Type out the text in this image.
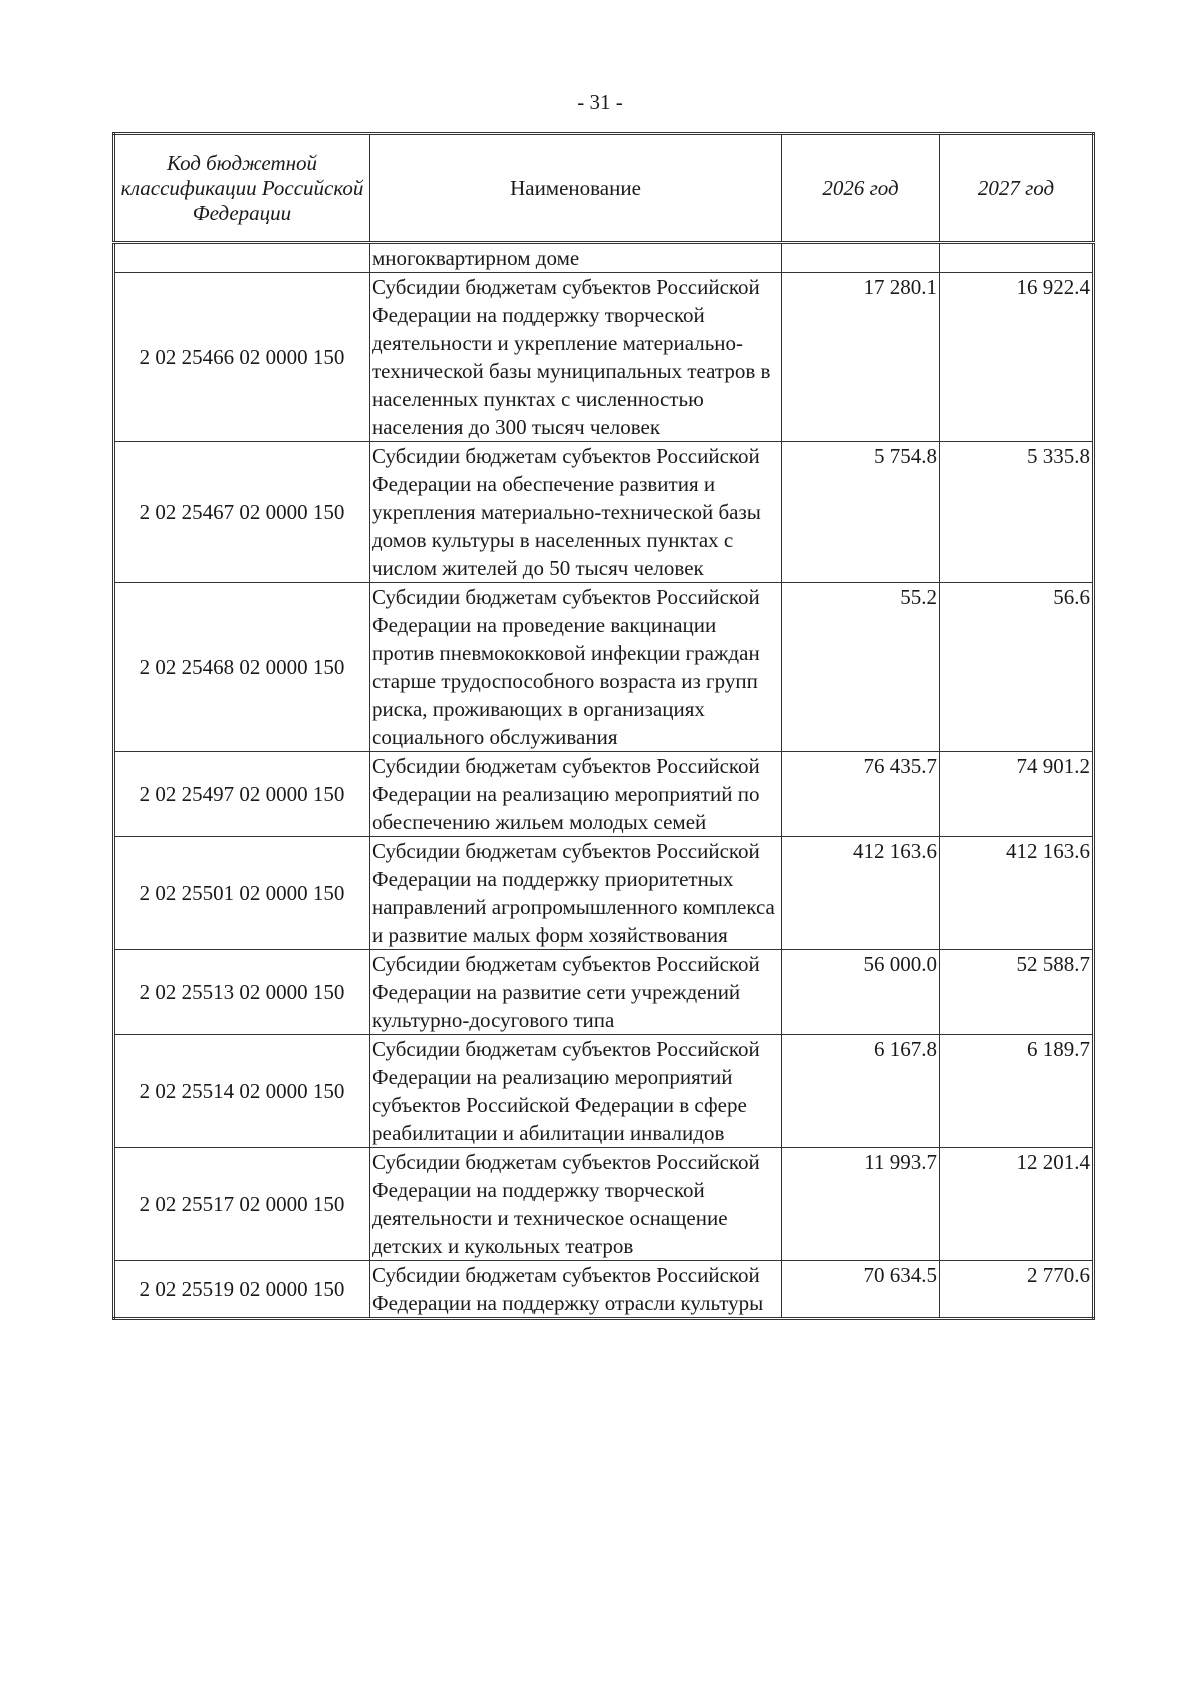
- 31 -
Код бюджетной классификации Российской Федерации	Наименование	2026 год	2027 год
	многоквартирном доме		
2 02 25466 02 0000 150	Субсидии бюджетам субъектов Российской Федерации на поддержку творческой деятельности и укрепление материально-технической базы муниципальных театров в населенных пунктах с численностью населения до 300 тысяч человек	17 280.1	16 922.4
2 02 25467 02 0000 150	Субсидии бюджетам субъектов Российской Федерации на обеспечение развития и укрепления материально-технической базы домов культуры в населенных пунктах с числом жителей до 50 тысяч человек	5 754.8	5 335.8
2 02 25468 02 0000 150	Субсидии бюджетам субъектов Российской Федерации на проведение вакцинации против пневмококковой инфекции граждан старше трудоспособного возраста из групп риска, проживающих в организациях социального обслуживания	55.2	56.6
2 02 25497 02 0000 150	Субсидии бюджетам субъектов Российской Федерации на реализацию мероприятий по обеспечению жильем молодых семей	76 435.7	74 901.2
2 02 25501 02 0000 150	Субсидии бюджетам субъектов Российской Федерации на поддержку приоритетных направлений агропромышленного комплекса и развитие малых форм хозяйствования	412 163.6	412 163.6
2 02 25513 02 0000 150	Субсидии бюджетам субъектов Российской Федерации на развитие сети учреждений культурно-досугового типа	56 000.0	52 588.7
2 02 25514 02 0000 150	Субсидии бюджетам субъектов Российской Федерации на реализацию мероприятий субъектов Российской Федерации в сфере реабилитации и абилитации инвалидов	6 167.8	6 189.7
2 02 25517 02 0000 150	Субсидии бюджетам субъектов Российской Федерации на поддержку творческой деятельности и техническое оснащение детских и кукольных театров	11 993.7	12 201.4
2 02 25519 02 0000 150	Субсидии бюджетам субъектов Российской Федерации на поддержку отрасли культуры	70 634.5	2 770.6
